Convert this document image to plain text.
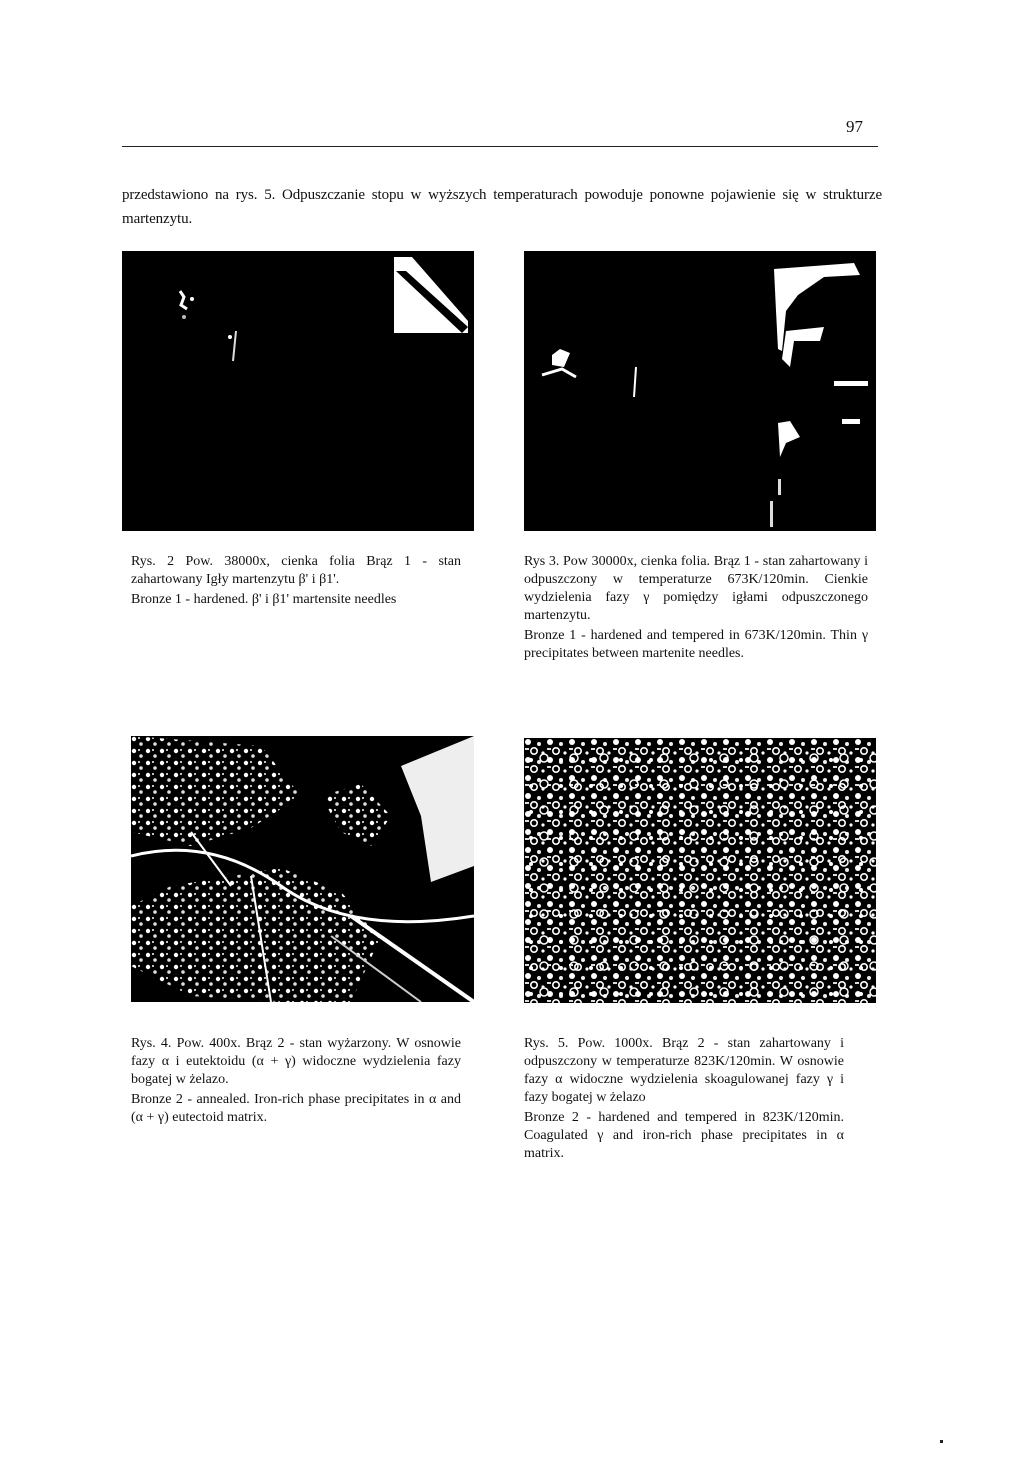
97
przedstawiono na rys. 5. Odpuszczanie stopu w wyższych temperaturach powoduje ponowne pojawienie się w strukturze martenzytu.

Rys. 2 Pow. 38000x, cienka folia Brąz 1 - stan zahartowany Igły martenzytu β' i β1'.

Bronze 1 - hardened. β' i β1' martensite needles

Rys 3. Pow 30000x, cienka folia. Brąz 1 - stan zahartowany i odpuszczony w temperaturze 673K/120min. Cienkie wydzielenia fazy γ pomiędzy igłami odpuszczonego martenzytu.

Bronze 1 - hardened and tempered in 673K/120min. Thin γ precipitates between martenite needles.

Rys. 4. Pow. 400x. Brąz 2 - stan wyżarzony. W osnowie fazy α i eutektoidu (α + γ) widoczne wydzielenia fazy bogatej w żelazo.

Bronze 2 - annealed. Iron-rich phase precipitates in α and (α + γ) eutectoid matrix.

Rys. 5. Pow. 1000x. Brąz 2 - stan zahartowany i odpuszczony w temperaturze 823K/120min. W osnowie fazy α widoczne wydzielenia skoagulowanej fazy γ i fazy bogatej w żelazo

Bronze 2 - hardened and tempered in 823K/120min. Coagulated γ and iron-rich phase precipitates in α matrix.
